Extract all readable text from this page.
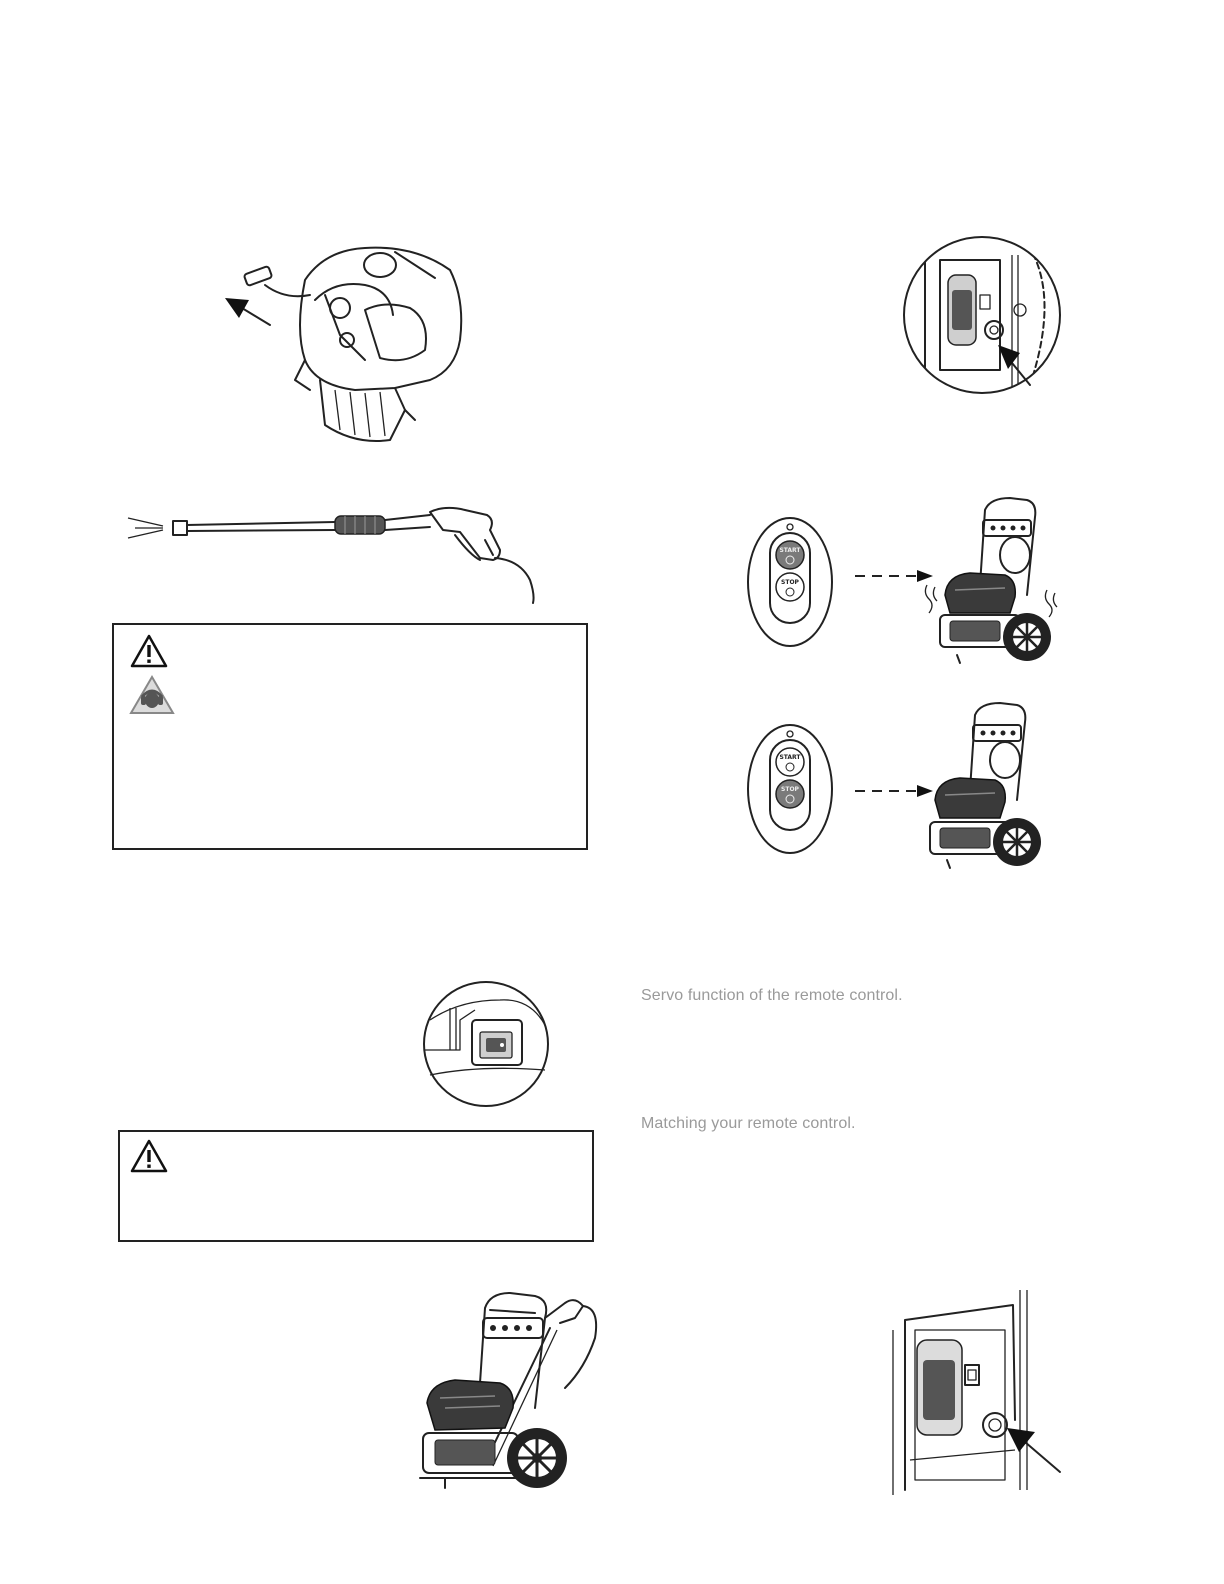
START
STOP
START
STOP
Servo function of the remote control.
Matching your remote control.
